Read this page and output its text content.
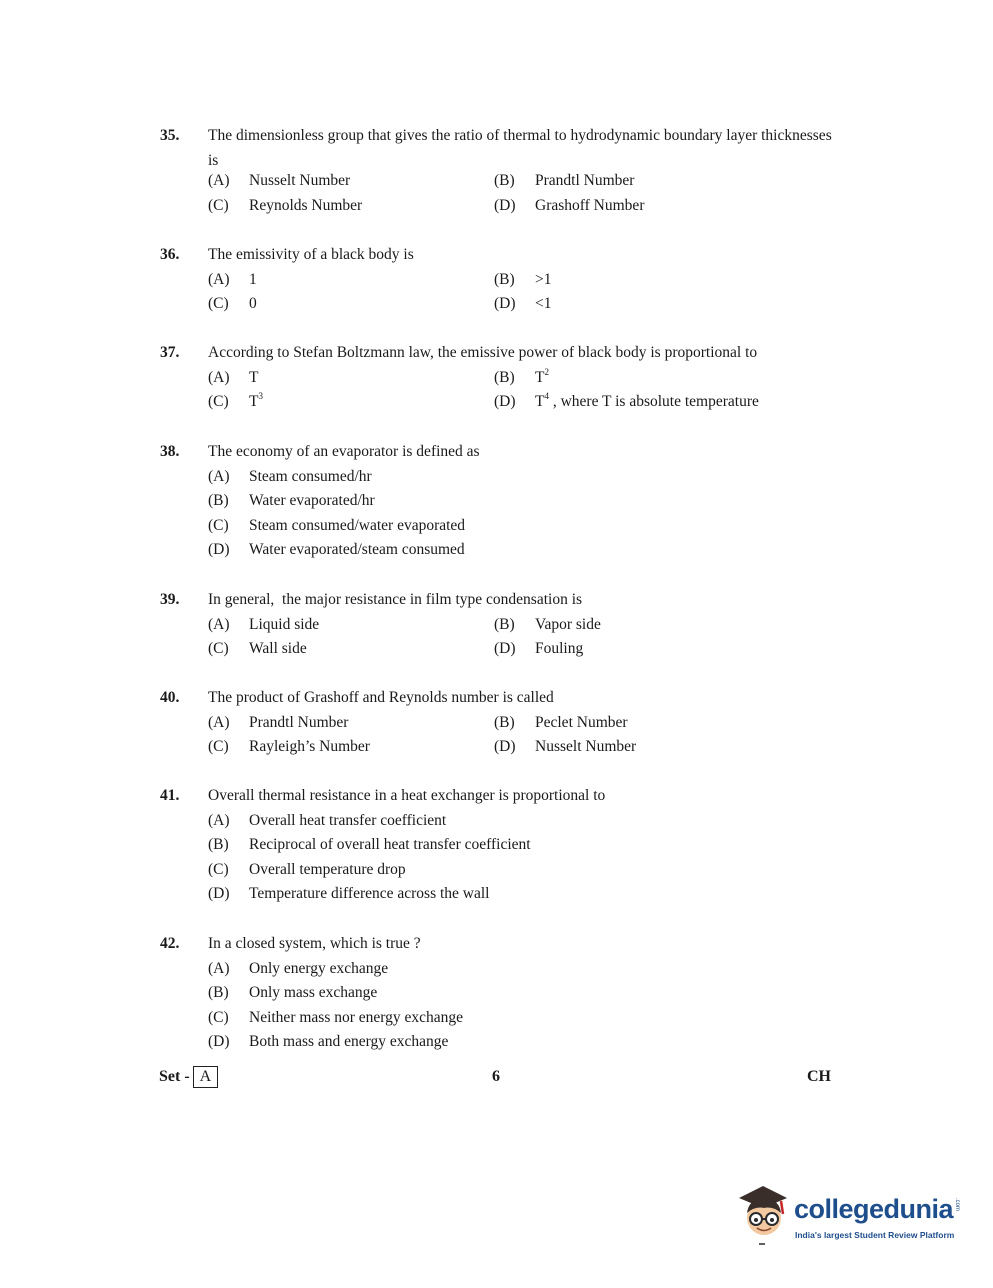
35. The dimensionless group that gives the ratio of thermal to hydrodynamic boundary layer thicknesses is
(A) Nusselt Number	(B) Prandtl Number
(C) Reynolds Number	(D) Grashoff Number
36. The emissivity of a black body is
(A) 1	(B) >1
(C) 0	(D) <1
37. According to Stefan Boltzmann law, the emissive power of black body is proportional to
(A) T	(B) $T^2$
(C) $T^3$	(D) $T^4$ , where T is absolute temperature
38. The economy of an evaporator is defined as
(A) Steam consumed/hr
(B) Water evaporated/hr
(C) Steam consumed/water evaporated
(D) Water evaporated/steam consumed
39. In general,  the major resistance in film type condensation is
(A) Liquid side	(B) Vapor side
(C) Wall side	(D) Fouling
40. The product of Grashoff and Reynolds number is called
(A) Prandtl Number	(B) Peclet Number
(C) Rayleigh’s Number	(D) Nusselt Number
41. Overall thermal resistance in a heat exchanger is proportional to
(A) Overall heat transfer coefficient
(B) Reciprocal of overall heat transfer coefficient
(C) Overall temperature drop
(D) Temperature difference across the wall
42. In a closed system, which is true ?
(A) Only energy exchange
(B) Only mass exchange
(C) Neither mass nor energy exchange
(D) Both mass and energy exchange
Set - A	6	CH
collegedunia .com
India's largest Student Review Platform
